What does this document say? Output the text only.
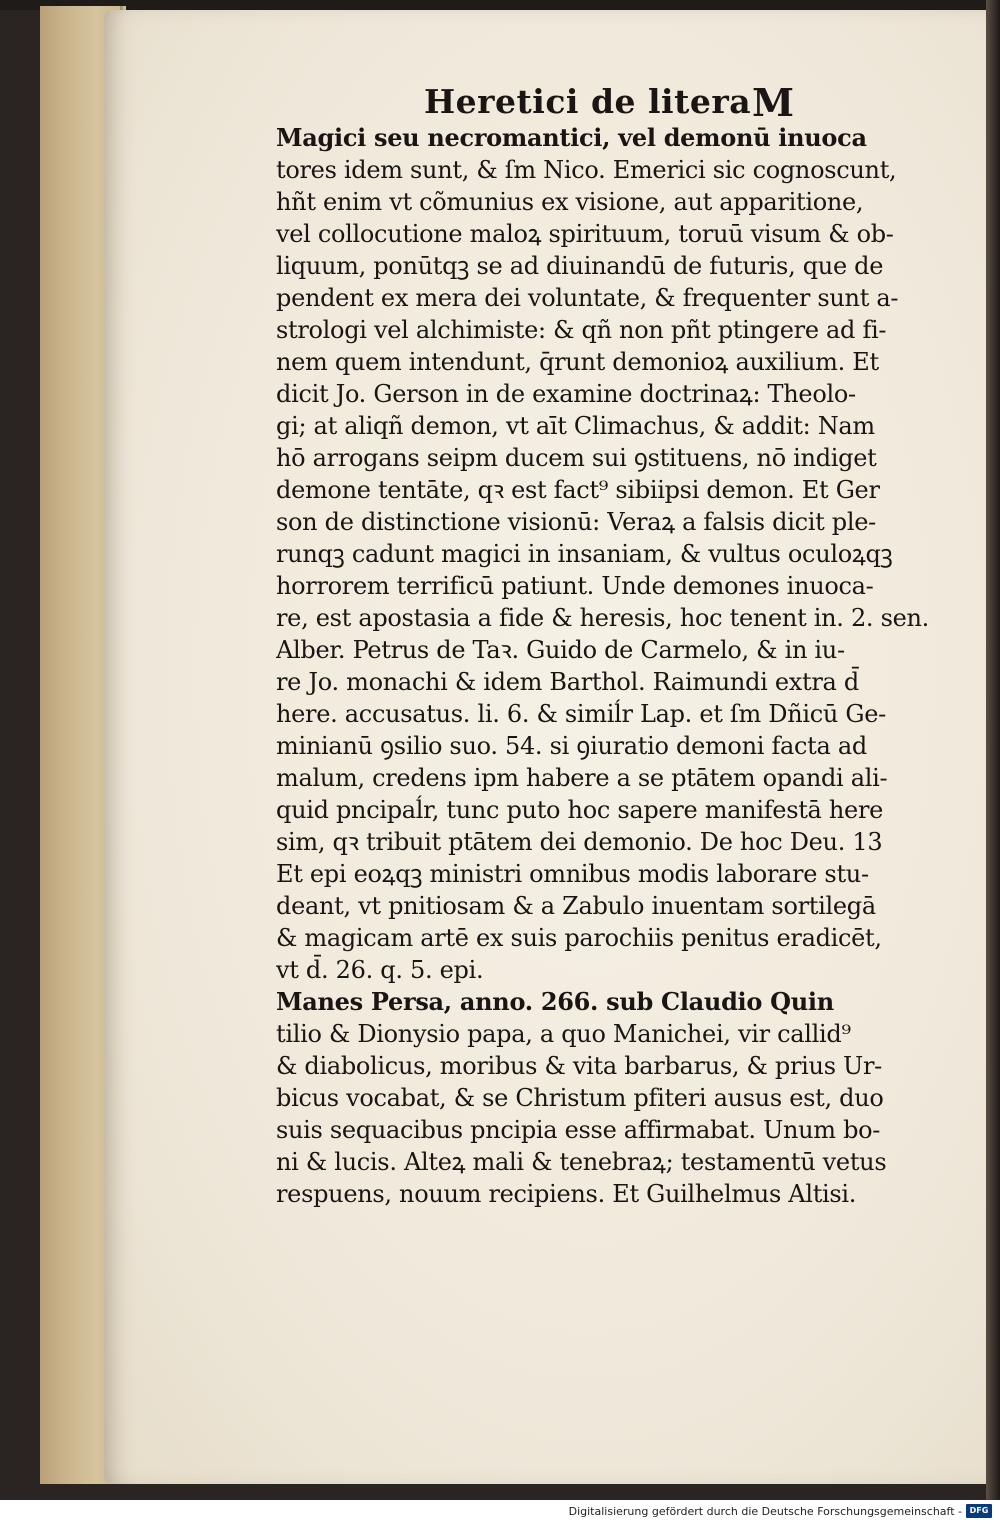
Heretici de litera M
Magici seu necromantici, vel demonū inuoca
tores idem sunt, & ſm Nico. Emerici sic cognoscunt,
hñt enim vt cõmunius ex visione, aut apparitione,
vel collocutione maloꝝ spirituum, toruū visum & ob-
liquum, ponūtqꝫ se ad diuinandū de futuris, que de
pendent ex mera dei voluntate, & frequenter sunt a-
strologi vel alchimiste: & qñ non pñt ptingere ad fi-
nem quem intendunt, q̄runt demonioꝝ auxilium. Et
dicit Jo. Gerson in de examine doctrinaꝝ: Theolo-
gi; at aliqñ demon, vt aīt Climachus, & addit: Nam
hō arrogans seipm ducem sui ꝯstituens, nō indiget
demone tentāte, qꝛ est fact⁹ sibiipsi demon. Et Ger
son de distinctione visionū: Veraꝝ a falsis dicit ple-
runqꝫ cadunt magici in insaniam, & vultus oculoꝝqꝫ
horrorem terrificū patiunt. Unde demones inuoca-
re, est apostasia a fide & heresis, hoc tenent in. 2. sen.
Alber. Petrus de Taꝛ. Guido de Carmelo, & in iu-
re Jo. monachi & idem Barthol. Raimundi extra d̄
here. accusatus. li. 6. & simiĺr Lap. et ſm Dñicū Ge-
minianū ꝯsilio suo. 54. si ꝯiuratio demoni facta ad
malum, credens ipm habere a se ptātem opandi ali-
quid pncipaĺr, tunc puto hoc sapere manifestā here
sim, qꝛ tribuit ptātem dei demonio. De hoc Deu. 13
Et epi eoꝝqꝫ ministri omnibus modis laborare stu-
deant, vt pnitiosam & a Zabulo inuentam sortilegā
& magicam artē ex suis parochiis penitus eradicēt,
vt d̄. 26. q. 5. epi.
Manes Persa, anno. 266. sub Claudio Quin
tilio & Dionysio papa, a quo Manichei, vir callid⁹
& diabolicus, moribus & vita barbarus, & prius Ur-
bicus vocabat, & se Christum pfiteri ausus est, duo
suis sequacibus pncipia esse affirmabat. Unum bo-
ni & lucis. Alteꝝ mali & tenebraꝝ; testamentū vetus
respuens, nouum recipiens. Et Guilhelmus Altisi.
Digitalisierung gefördert durch die Deutsche Forschungsgemeinschaft - DFG
